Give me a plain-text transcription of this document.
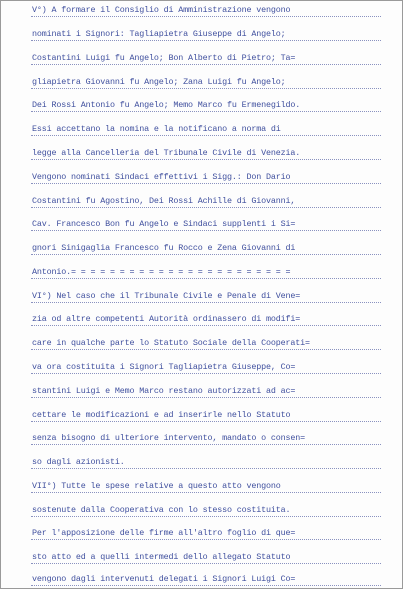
V°) A formare il Consiglio di Amministrazione vengono
nominati i Signori: Tagliapietra Giuseppe di Angelo;
Costantini Luigi fu Angelo; Bon Alberto di Pietro; Ta=
gliapietra Giovanni fu Angelo; Zana Luigi fu Angelo;
Dei Rossi Antonio fu Angelo; Memo Marco fu Ermenegildo.
Essi accettano la nomina e la notificano a norma di
legge alla Cancelleria del Tribunale Civile di Venezia.
Vengono nominati Sindaci effettivi i Sigg.: Don Dario
Costantini fu Agostino, Dei Rossi Achille di Giovanni,
Cav. Francesco Bon fu Angelo e Sindaci supplenti i Si=
gnori Sinigaglia Francesco fu Rocco e Zena Giovanni di
Antonio.= = = = = = = = = = = = = = = = = = = = = = =
VI°) Nel caso che il Tribunale Civile e Penale di Vene=
zia od altre competenti Autorità ordinassero di modifi=
care in qualche parte lo Statuto Sociale della Cooperati=
va ora costituita i Signori Tagliapietra Giuseppe, Co=
stantini Luigi e Memo Marco restano autorizzati ad ac=
cettare le modificazioni e ad inserirle nello Statuto
senza bisogno di ulteriore intervento, mandato o consen=
so dagli azionisti.
VII°) Tutte le spese relative a questo atto vengono
sostenute dalla Cooperativa con lo stesso costituita.
Per l'apposizione delle firme all'altro foglio di que=
sto atto ed a quelli intermedi dello allegato Statuto
vengono dagli intervenuti delegati i Signori Luigi Co=
